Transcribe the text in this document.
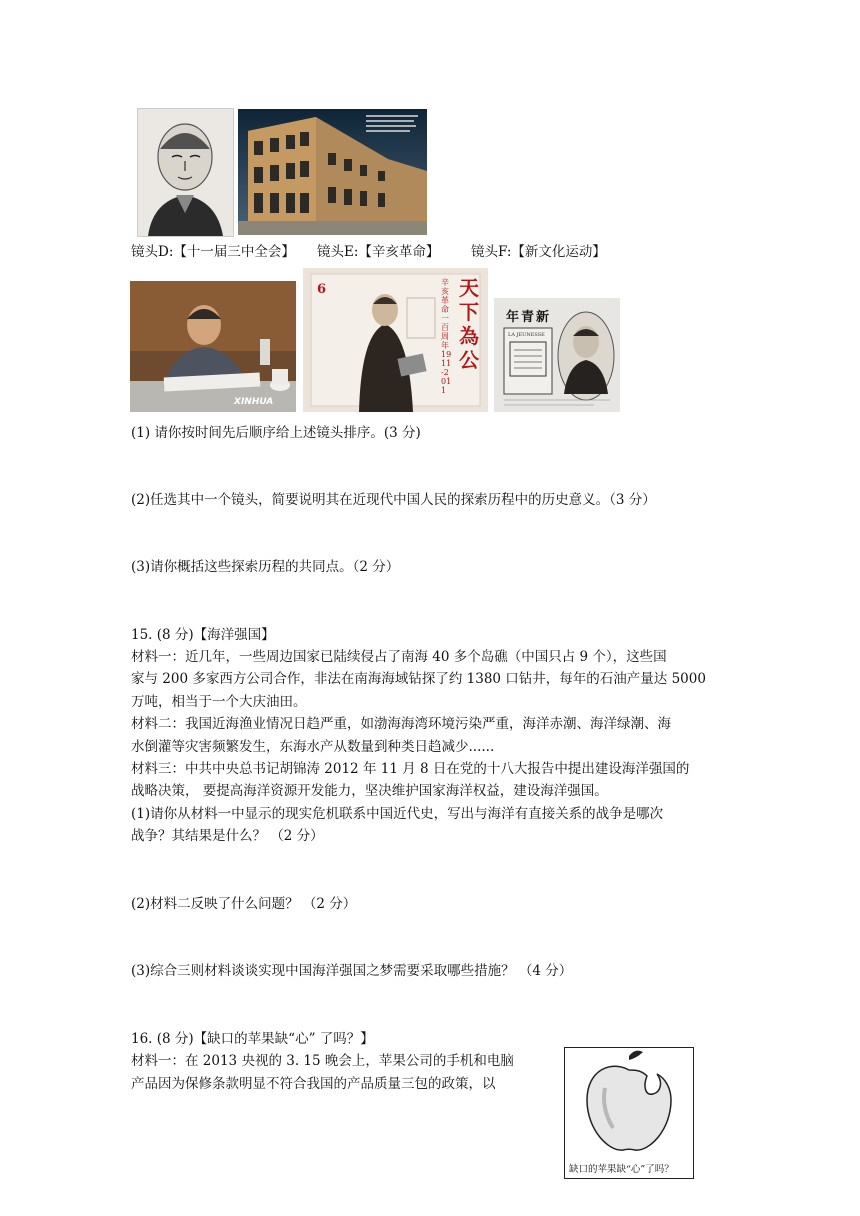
镜头D:【十一届三中全会】 镜头E:【辛亥革命】 镜头F:【新文化运动】
XINHUA
6	辛亥革命一百周年 1911-2011
天下為公
年青新
LA JEUNESSE
(1) 请你按时间先后顺序给上述镜头排序。(3 分)
(2)任选其中一个镜头，简要说明其在近现代中国人民的探索历程中的历史意义。（3 分）
(3)请你概括这些探索历程的共同点。（2 分）
15. (8 分)【海洋强国】
材料一：近几年，一些周边国家已陆续侵占了南海 40 多个岛礁（中国只占 9 个），这些国
家与 200 多家西方公司合作，非法在南海海域钻探了约 1380 口钻井，每年的石油产量达 5000
万吨，相当于一个大庆油田。
材料二：我国近海渔业情况日趋严重，如渤海海湾环境污染严重，海洋赤潮、海洋绿潮、海
水倒灌等灾害频繁发生，东海水产从数量到种类日趋减少......
材料三：中共中央总书记胡锦涛 2012 年 11 月 8 日在党的十八大报告中提出建设海洋强国的
战略决策， 要提高海洋资源开发能力，坚决维护国家海洋权益，建设海洋强国。
(1)请你从材料一中显示的现实危机联系中国近代史，写出与海洋有直接关系的战争是哪次
战争？其结果是什么？ （2 分）
(2)材料二反映了什么问题？ （2 分）
(3)综合三则材料谈谈实现中国海洋强国之梦需要采取哪些措施？ （4 分）
16. (8 分)【缺口的苹果缺“心” 了吗？】
材料一：在 2013 央视的 3. 15 晚会上，苹果公司的手机和电脑
产品因为保修条款明显不符合我国的产品质量三包的政策，以
缺口的苹果缺“心”了吗？
